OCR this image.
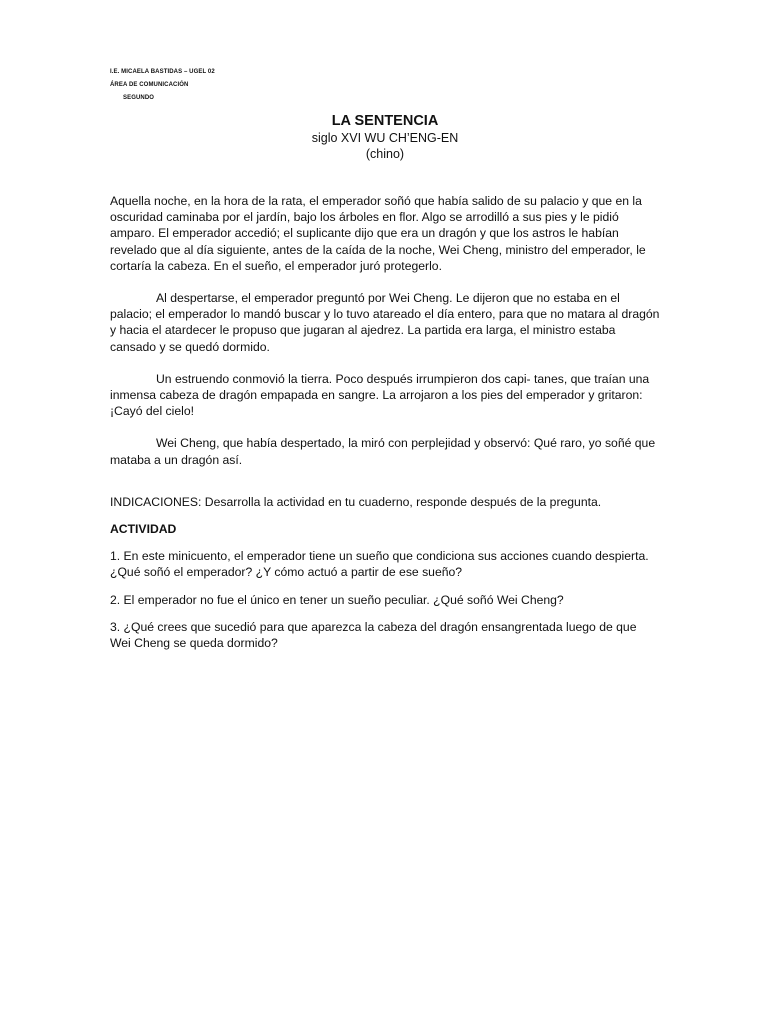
I.E. MICAELA BASTIDAS – UGEL 02
ÁREA DE COMUNICACIÓN
SEGUNDO
LA SENTENCIA
siglo XVI WU CH’ENG-EN
(chino)

Aquella noche, en la hora de la rata, el emperador soñó que había salido de su palacio y que en la oscuridad caminaba por el jardín, bajo los árboles en flor. Algo se arrodilló a sus pies y le pidió amparo. El emperador accedió; el suplicante dijo que era un dragón y que los astros le habían revelado que al día siguiente, antes de la caída de la noche, Wei Cheng, ministro del emperador, le cortaría la cabeza. En el sueño, el emperador juró protegerlo.

Al despertarse, el emperador preguntó por Wei Cheng. Le dijeron que no estaba en el palacio; el emperador lo mandó buscar y lo tuvo atareado el día entero, para que no matara al dragón y hacia el atardecer le propuso que jugaran al ajedrez. La partida era larga, el ministro estaba cansado y se quedó dormido.

Un estruendo conmovió la tierra. Poco después irrumpieron dos capi- tanes, que traían una inmensa cabeza de dragón empapada en sangre. La arrojaron a los pies del emperador y gritaron: ¡Cayó del cielo!

Wei Cheng, que había despertado, la miró con perplejidad y observó: Qué raro, yo soñé que mataba a un dragón así.

INDICACIONES: Desarrolla la actividad en tu cuaderno, responde después de la pregunta.

ACTIVIDAD

1. En este minicuento, el emperador tiene un sueño que condiciona sus acciones cuando despierta. ¿Qué soñó el emperador? ¿Y cómo actuó a partir de ese sueño?

2. El emperador no fue el único en tener un sueño peculiar. ¿Qué soñó Wei Cheng?

3. ¿Qué crees que sucedió para que aparezca la cabeza del dragón ensangrentada luego de que Wei Cheng se queda dormido?
